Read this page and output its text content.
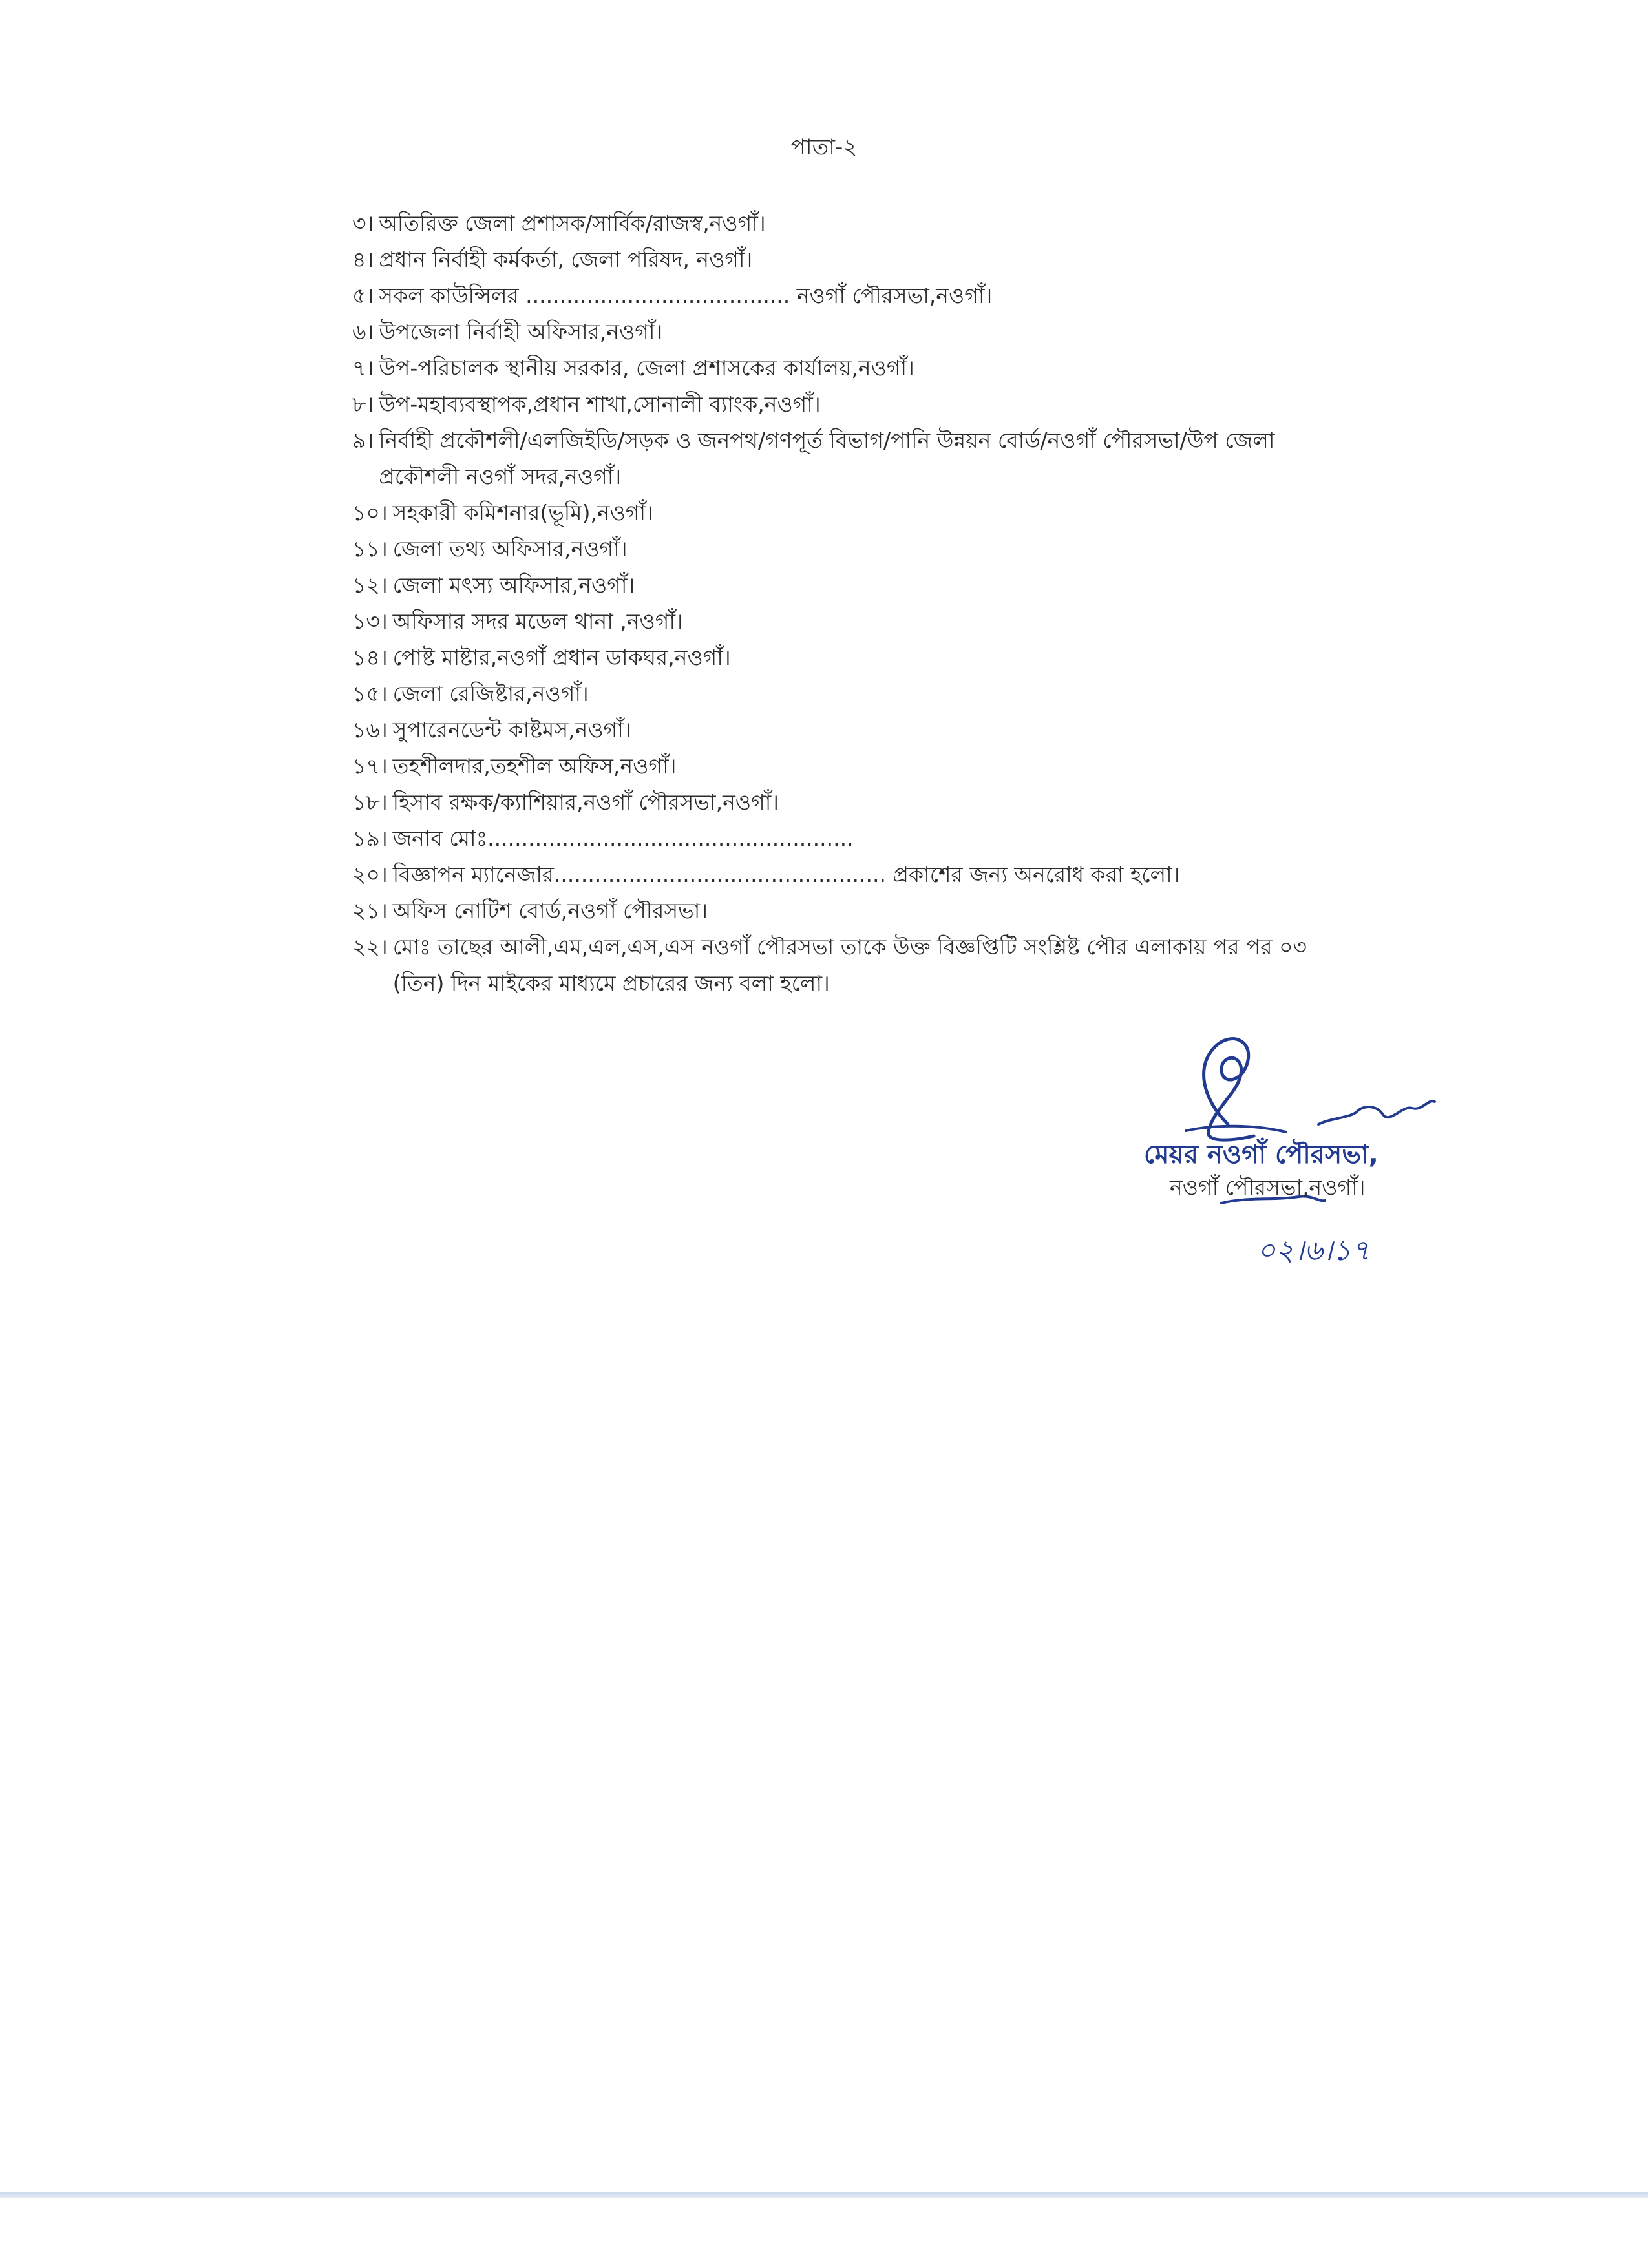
পাতা-২
৩। অতিরিক্ত জেলা প্রশাসক/সার্বিক/রাজস্ব,নওগাঁ।
৪। প্রধান নির্বাহী কর্মকর্তা, জেলা পরিষদ, নওগাঁ।
৫। সকল কাউন্সিলর ....................................... নওগাঁ পৌরসভা,নওগাঁ।
৬। উপজেলা নির্বাহী অফিসার,নওগাঁ।
৭। উপ-পরিচালক স্থানীয় সরকার, জেলা প্রশাসকের কার্যালয়,নওগাঁ।
৮। উপ-মহাব্যবস্থাপক,প্রধান শাখা,সোনালী ব্যাংক,নওগাঁ।
৯। নির্বাহী প্রকৌশলী/এলজিইডি/সড়ক ও জনপথ/গণপূর্ত বিভাগ/পানি উন্নয়ন বোর্ড/নওগাঁ পৌরসভা/উপ জেলা প্রকৌশলী নওগাঁ সদর,নওগাঁ।
১০। সহকারী কমিশনার(ভূমি),নওগাঁ।
১১। জেলা তথ্য অফিসার,নওগাঁ।
১২। জেলা মৎস্য অফিসার,নওগাঁ।
১৩। অফিসার সদর মডেল থানা ,নওগাঁ।
১৪। পোষ্ট মাষ্টার,নওগাঁ প্রধান ডাকঘর,নওগাঁ।
১৫। জেলা রেজিষ্টার,নওগাঁ।
১৬। সুপারেনডেন্ট কাষ্টমস,নওগাঁ।
১৭। তহশীলদার,তহশীল অফিস,নওগাঁ।
১৮। হিসাব রক্ষক/ক্যাশিয়ার,নওগাঁ পৌরসভা,নওগাঁ।
১৯। জনাব মোঃ......................................................
২০। বিজ্ঞাপন ম্যানেজার................................................. প্রকাশের জন্য অনরোধ করা হলো।
২১। অফিস নোটিশ বোর্ড,নওগাঁ পৌরসভা।
২২। মোঃ তাছের আলী,এম,এল,এস,এস নওগাঁ পৌরসভা তাকে উক্ত বিজ্ঞপ্তিটি সংশ্লিষ্ট পৌর এলাকায় পর পর ০৩ (তিন) দিন মাইকের মাধ্যমে প্রচারের জন্য বলা হলো।
মেয়র নওগাঁ পৌরসভা,
নওগাঁ পৌরসভা,নওগাঁ।
০২।৬।১৭
